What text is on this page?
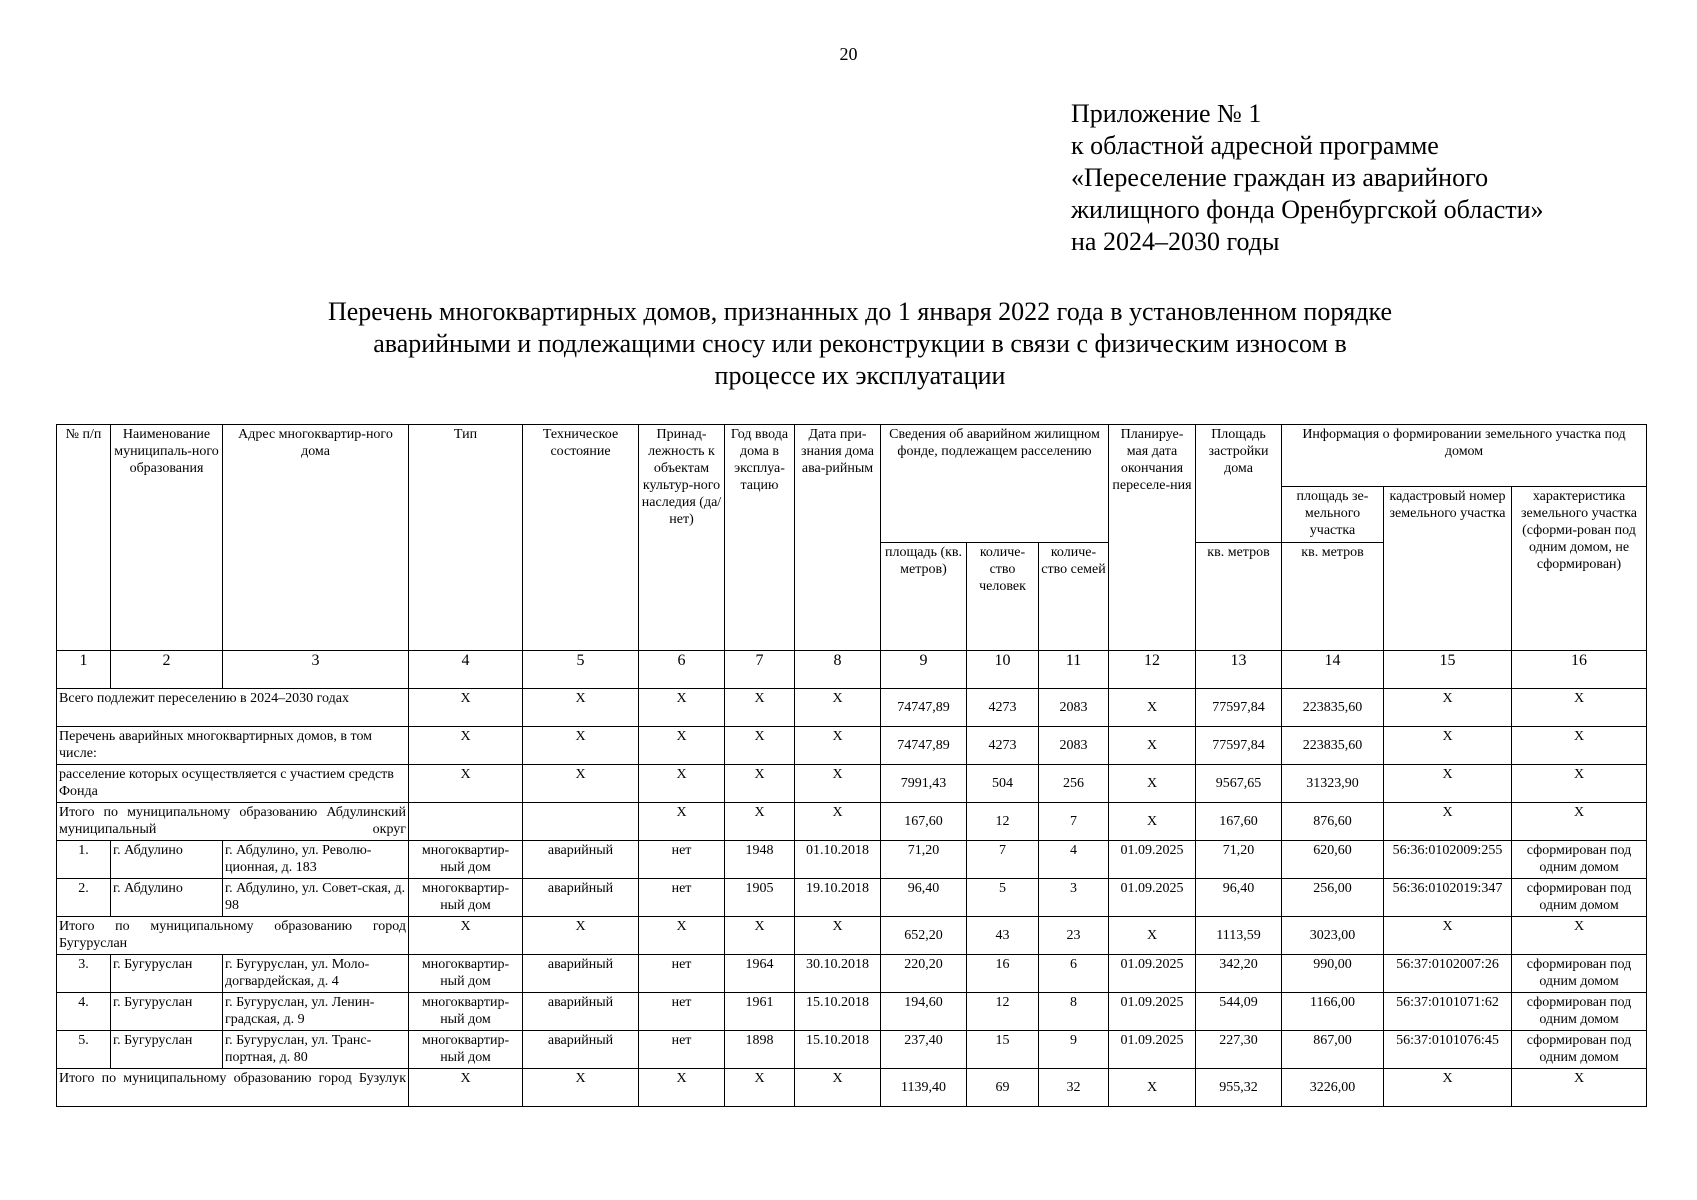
20
Приложение № 1
к областной адресной программе
«Переселение граждан из аварийного
жилищного фонда Оренбургской области»
на 2024–2030 годы
Перечень многоквартирных домов, признанных до 1 января 2022 года в установленном порядке
аварийными и подлежащими сносу или реконструкции в связи с физическим износом в
процессе их эксплуатации
№ п/п	Наименование муниципаль-ного образования	Адрес многоквартир-ного дома	Тип	Техническое состояние	Принад-лежность к объектам культур-ного наследия (да/нет)	Год ввода дома в эксплуа-тацию	Дата при-знания дома ава-рийным	Сведения об аварийном жилищном фонде, подлежащем расселению			Планируе-мая дата окончания переселе-ния	Площадь застройки дома	Информация о формировании земельного участка под домом		
													площадь зе-мельного участка	кадастровый номер земельного участка	характеристика земельного участка (сформи-рован под одним домом, не сформирован)
								площадь (кв. метров)	количе-ство человек	количе-ство семей		кв. метров	кв. метров		
1	2	3	4	5	6	7	8	9	10	11	12	13	14	15	16
Всего подлежит переселению в 2024–2030 годах			X	X	X	X	X	74747,89	4273	2083	X	77597,84	223835,60	X	X
Перечень аварийных многоквартирных домов, в том числе:			X	X	X	X	X	74747,89	4273	2083	X	77597,84	223835,60	X	X
расселение которых осуществляется с участием средств Фонда			X	X	X	X	X	7991,43	504	256	X	9567,65	31323,90	X	X
Итого по муниципальному образованию Абдулинский муниципальный округ					X	X	X	167,60	12	7	X	167,60	876,60	X	X
1.	г. Абдулино	г. Абдулино, ул. Револю-ционная, д. 183	многоквартир-ный дом	аварийный	нет	1948	01.10.2018	71,20	7	4	01.09.2025	71,20	620,60	56:36:0102009:255	сформирован под одним домом
2.	г. Абдулино	г. Абдулино, ул. Совет-ская, д. 98	многоквартир-ный дом	аварийный	нет	1905	19.10.2018	96,40	5	3	01.09.2025	96,40	256,00	56:36:0102019:347	сформирован под одним домом
Итого по муниципальному образованию город Бугуруслан			X	X	X	X	X	652,20	43	23	X	1113,59	3023,00	X	X
3.	г. Бугуруслан	г. Бугуруслан, ул. Моло-догвардейская, д. 4	многоквартир-ный дом	аварийный	нет	1964	30.10.2018	220,20	16	6	01.09.2025	342,20	990,00	56:37:0102007:26	сформирован под одним домом
4.	г. Бугуруслан	г. Бугуруслан, ул. Ленин-градская, д. 9	многоквартир-ный дом	аварийный	нет	1961	15.10.2018	194,60	12	8	01.09.2025	544,09	1166,00	56:37:0101071:62	сформирован под одним домом
5.	г. Бугуруслан	г. Бугуруслан, ул. Транс-портная, д. 80	многоквартир-ный дом	аварийный	нет	1898	15.10.2018	237,40	15	9	01.09.2025	227,30	867,00	56:37:0101076:45	сформирован под одним домом
Итого по муниципальному образованию город Бузулук			X	X	X	X	X	1139,40	69	32	X	955,32	3226,00	X	X
